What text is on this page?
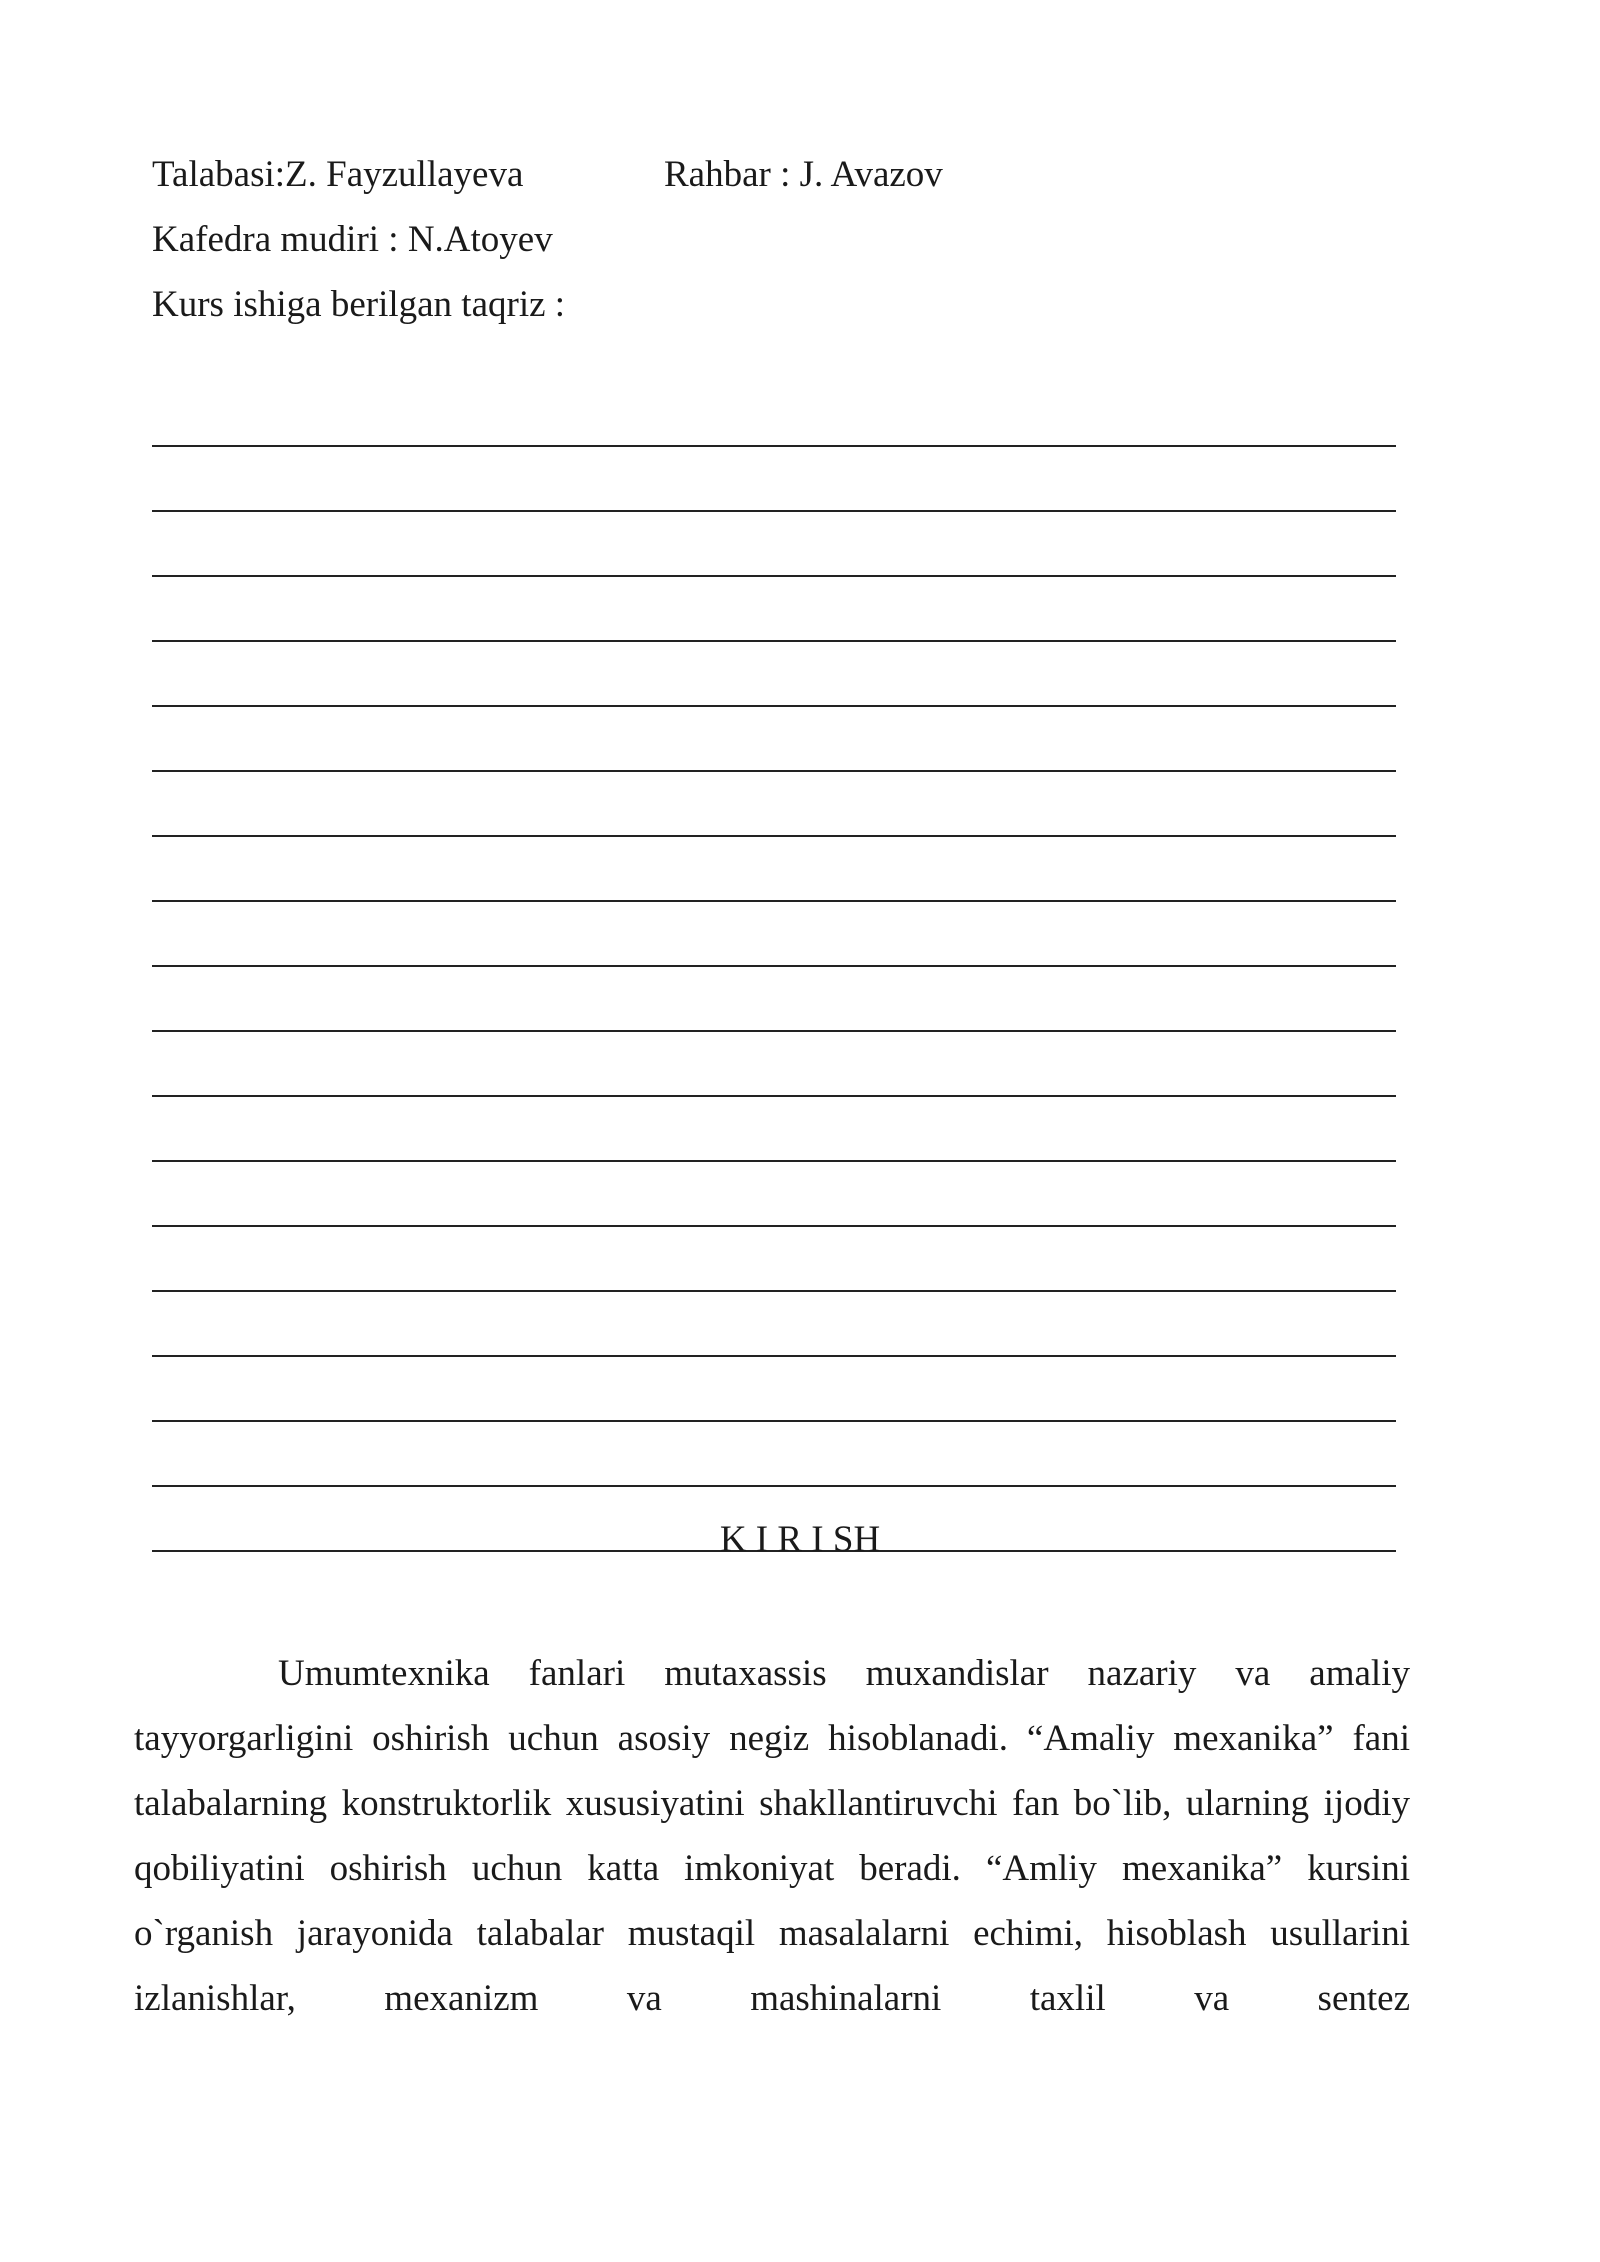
Talabasi:Z. Fayzullayeva	Rahbar : J. Avazov
Kafedra mudiri : N.Atoyev
Kurs ishiga berilgan taqriz :
K I R I SH

Umumtexnika fanlari mutaxassis muxandislar nazariy va amaliy tayyorgarligini oshirish uchun asosiy negiz hisoblanadi. “Amaliy mexanika” fani talabalarning konstruktorlik xususiyatini shakllantiruvchi fan bo`lib, ularning ijodiy qobiliyatini oshirish uchun katta imkoniyat beradi. “Amliy mexanika” kursini o`rganish jarayonida talabalar mustaqil masalalarni echimi, hisoblash usullarini izlanishlar, mexanizm va mashinalarni taxlil va sentez
